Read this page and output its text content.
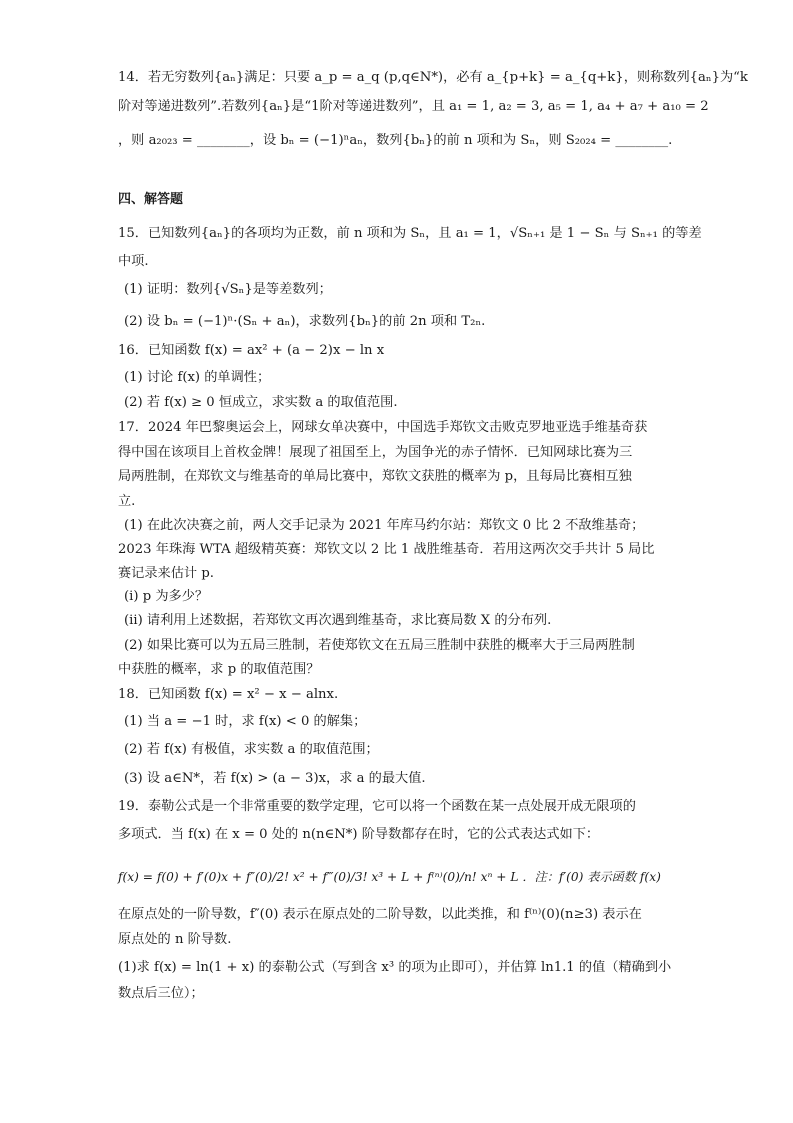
14．若无穷数列{aₙ}满足：只要 a_p = a_q (p,q∈N*)，必有 a_{p+k} = a_{q+k}，则称数列{aₙ}为“k
阶对等递进数列”.若数列{aₙ}是“1阶对等递进数列”，且 a₁ = 1, a₂ = 3, a₅ = 1, a₄ + a₇ + a₁₀ = 2
，则 a₂₀₂₃ = ________，设 bₙ = (−1)ⁿaₙ，数列{bₙ}的前 n 项和为 Sₙ，则 S₂₀₂₄ = ________.
四、解答题
15．已知数列{aₙ}的各项均为正数，前 n 项和为 Sₙ，且 a₁ = 1，√Sₙ₊₁ 是 1 − Sₙ 与 Sₙ₊₁ 的等差
中项.
(1) 证明：数列{√Sₙ}是等差数列；
(2) 设 bₙ = (−1)ⁿ·(Sₙ + aₙ)，求数列{bₙ}的前 2n 项和 T₂ₙ.
16．已知函数 f(x) = ax² + (a − 2)x − ln x
(1) 讨论 f(x) 的单调性；
(2) 若 f(x) ≥ 0 恒成立，求实数 a 的取值范围.
17．2024 年巴黎奥运会上，网球女单决赛中，中国选手郑钦文击败克罗地亚选手维基奇获
得中国在该项目上首枚金牌！展现了祖国至上，为国争光的赤子情怀．已知网球比赛为三
局两胜制，在郑钦文与维基奇的单局比赛中，郑钦文获胜的概率为 p，且每局比赛相互独
立.
(1) 在此次决赛之前，两人交手记录为 2021 年库马约尔站：郑钦文 0 比 2 不敌维基奇；
2023 年珠海 WTA 超级精英赛：郑钦文以 2 比 1 战胜维基奇．若用这两次交手共计 5 局比
赛记录来估计 p.
(ⅰ) p 为多少？
(ⅱ) 请利用上述数据，若郑钦文再次遇到维基奇，求比赛局数 X 的分布列.
(2) 如果比赛可以为五局三胜制，若使郑钦文在五局三胜制中获胜的概率大于三局两胜制
中获胜的概率，求 p 的取值范围？
18．已知函数 f(x) = x² − x − alnx.
(1) 当 a = −1 时，求 f(x) < 0 的解集；
(2) 若 f(x) 有极值，求实数 a 的取值范围；
(3) 设 a∈N*，若 f(x) > (a − 3)x，求 a 的最大值.
19．泰勒公式是一个非常重要的数学定理，它可以将一个函数在某一点处展开成无限项的
多项式．当 f(x) 在 x = 0 处的 n(n∈N*) 阶导数都存在时，它的公式表达式如下：
f(x) = f(0) + f′(0)x + f″(0)/2! x² + f‴(0)/3! x³ + L + f⁽ⁿ⁾(0)/n! xⁿ + L ．注：f′(0) 表示函数 f(x)
在原点处的一阶导数，f″(0) 表示在原点处的二阶导数，以此类推，和 f⁽ⁿ⁾(0)(n≥3) 表示在
原点处的 n 阶导数.
(1)求 f(x) = ln(1 + x) 的泰勒公式（写到含 x³ 的项为止即可），并估算 ln1.1 的值（精确到小
数点后三位）；
